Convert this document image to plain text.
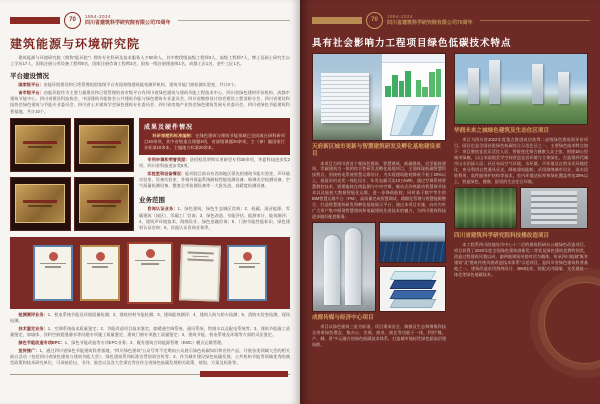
70
1954-2024
四川省建筑科学研究院有限公司70周年
建筑能源与环境研究院

建筑能源与环境研究院（简称“能环院”）拥有专业科研及技术服务人才50余人，其中教授级高级工程师3人，高级工程师7人，博士及硕士研究生以上学历17人，国家注册公用设备工程师5名，国家注册咨询工程师3名，国家一级注册建造师1名，成都工匠1名，金牛工匠1名。

平台建设情况

国家级平台：由能环院建设和日常管理的国家级平台有国家级建筑能效测评机构、建筑节能门窗检测实验室，共计2个。

省市级平台：由能环院作为主要力量建设和日常管理的省市级平台有四川省绿色建筑与建筑节能工程技术中心、四川省绿色建材评价机构、成都市建筑节能中心、四川省建设科技协会、中国建筑节能协会公共建筑节能与绿色建筑专业委员会、四川省勘察设计协会建设工程消防分会、四川省建设科技协会绿色建筑与节能专业委员会、四川省土木建筑学会绿色建筑专业委员会、四川省房地产业协会绿色建筑发展专业委员会、四川省绿色节能建筑科普基地，共计10个。

成果及硬件情况

科研课题和标准编制：在绿色建筑与建筑节能领域已完成或在研科研项目40余项，其中省级重点课题4项，省部级课题20余项，主（参）编国家行业标准10余本，主编地方标准20余本。

专利申请和荣誉奖励：获授权发明和实用新型专利30余项，华夏科技进步奖2项，四川省科技进步奖5项。

实验室和设备情况：能环院目前具有西南地区领先的建筑节能实验室、声环境实验室、设备实验室、外墙外保温系统耐候性能检测设备、玻璃光学检测设备、空气质量检测设备、整套全项检测设备等一大批先进、高精度检测设备。

业务范围

咨询认证业务：1、绿色建筑、绿色生态城区咨询；2、低碳、清洁能源、零碳建筑（园区）、零碳工厂咨询；3、绿色改造、节能评估、能源审计、能效测评；4、建筑声环境技术、海绵设计、绿色金融咨询；5、门窗节能性能标识、绿色建材认证咨询；6、其他认证咨询业务等。

检测测评业务：1、机电系统节能及环境质量检测；2、建筑材料节能检测；3、建筑能效测评；4、建筑人防与防火检测；5、消防实验室检测、现场检测。

技术鉴定业务：1、空调系统技术质量鉴定；2、节能改造项目技术鉴定，如暖通空调系统、通风系统、给排水以及配电系统等；3、建筑节能施工质量鉴定，如墙体、涂料空鼓裂缝渗水等问题专项施工质量鉴定、建筑门窗专项施工质量鉴定；4、建筑节能、机电系统及环境等方面的司法鉴定。

绿色节能改造专项EPC：1、绿色节能改造等专项EPC业务；2、既有建筑合同能源管理（EMC）模式运维管理。

宣传推广：1、通过四川省绿色节能建筑科普基地、“四川绿色建筑”公众号等不定期向公众展示绿色低碳知识和宣传产品，开展各类领域大会的相关展台活动（包括四川省绿色建筑与建筑节能大会）、绿色建筑系列标准宣贯培训宣传等；2、作为城乡建设绿色低碳发展、公共机构节能等领域优秀的典型政策和技术研究单位，可承接论坛、书刊、展会以及各大会事宜等宣传全省绿色低碳发展相关政策、规划、方案及标准等。

70
1954-2024
四川省建筑科学研究院有限公司70周年
具有社会影响力工程项目绿色低碳技术特点
天府新区城市更新与智慧建筑研发及孵化基地建设项目

本项目为四川省首个集绿色建筑、智慧建筑、低碳建筑、近零能耗建筑、零碳建筑为一体的综合性研发及孵化基地项目，全面体现低碳智慧科技特点。围绕机电系统智慧运维设计，为实现建筑能耗降低不低于20%以上，屋面采用光伏一体化设计，年发电量可达10万kWh，通过空调系统智慧群控技术，搭建能耗在线监测与中央空调、被动式冷热联动智慧调节技术以及能耗大数据智能化运维，进一步降低能耗；同时基于数字孪生的BIM智慧运维平台（FM），高质量完成智慧调试、精细化管理与智慧能源整合，打造智慧建筑研发和孵化基地展示平台，通过本项目实施，向川内外广大用户集中展现智慧建筑和低碳建筑先进技术的魅力，为四川建筑科技进步做好配套服务。

成都传媒与经济中心项目

项目以绿色建筑三星为标准，项目秉承安全、典雅及生态和聚集科技全寿命绿色理念，集办公、会展、商业、演艺等功能于一体，利用“媒、产、城、景”多元融合的绿色低碳技术体系，打造城市地标性绿色超高层建筑群。

华润未来之城绿色建筑及生态住区项目

项目为四川省2022年度重点推进成功获得二星级绿色建筑预评价项目，园区也是全国首批绿色低碳综合示范住区之一，主要绿色技术特点如下：项目聚焦宜居乐活宜人居、智能变化聚合健康大众主张，围绕18公里城市绿廊，以山水园境美学空间营造宜居环境与立体绿化，打造第四代城市山水田园人居；社区布局空气环境、水环境、声环境及自然采光环境优化，充分利用自然通风采光，降低建筑能耗；采用海绵城市设计、雨水回收利用、高性能围护结构等技术，室内环境达标率和绿化覆盖率达30%以上，营造绿色、健康、舒适的生态住区环境。

四川省建筑科学研究院科技楼改造项目

本工程系四川院地处市中心十二层的建筑科研办公楼绿色改造项目，项目获得了2020年度全国绿色建筑创新奖二等奖及绿色建筑竞赛特别奖，改造过程建筑风貌以成、渝两地建筑风貌对话为载体，传承四川地域“既有建筑”及“建筑传统风貌改造技术体系”示范项目，是四川省绿色建筑科普基地之一。建筑改造采用海绵设计、BIM技术、装配式内隔墙、光伏建筑一体化等绿色低碳技术。
